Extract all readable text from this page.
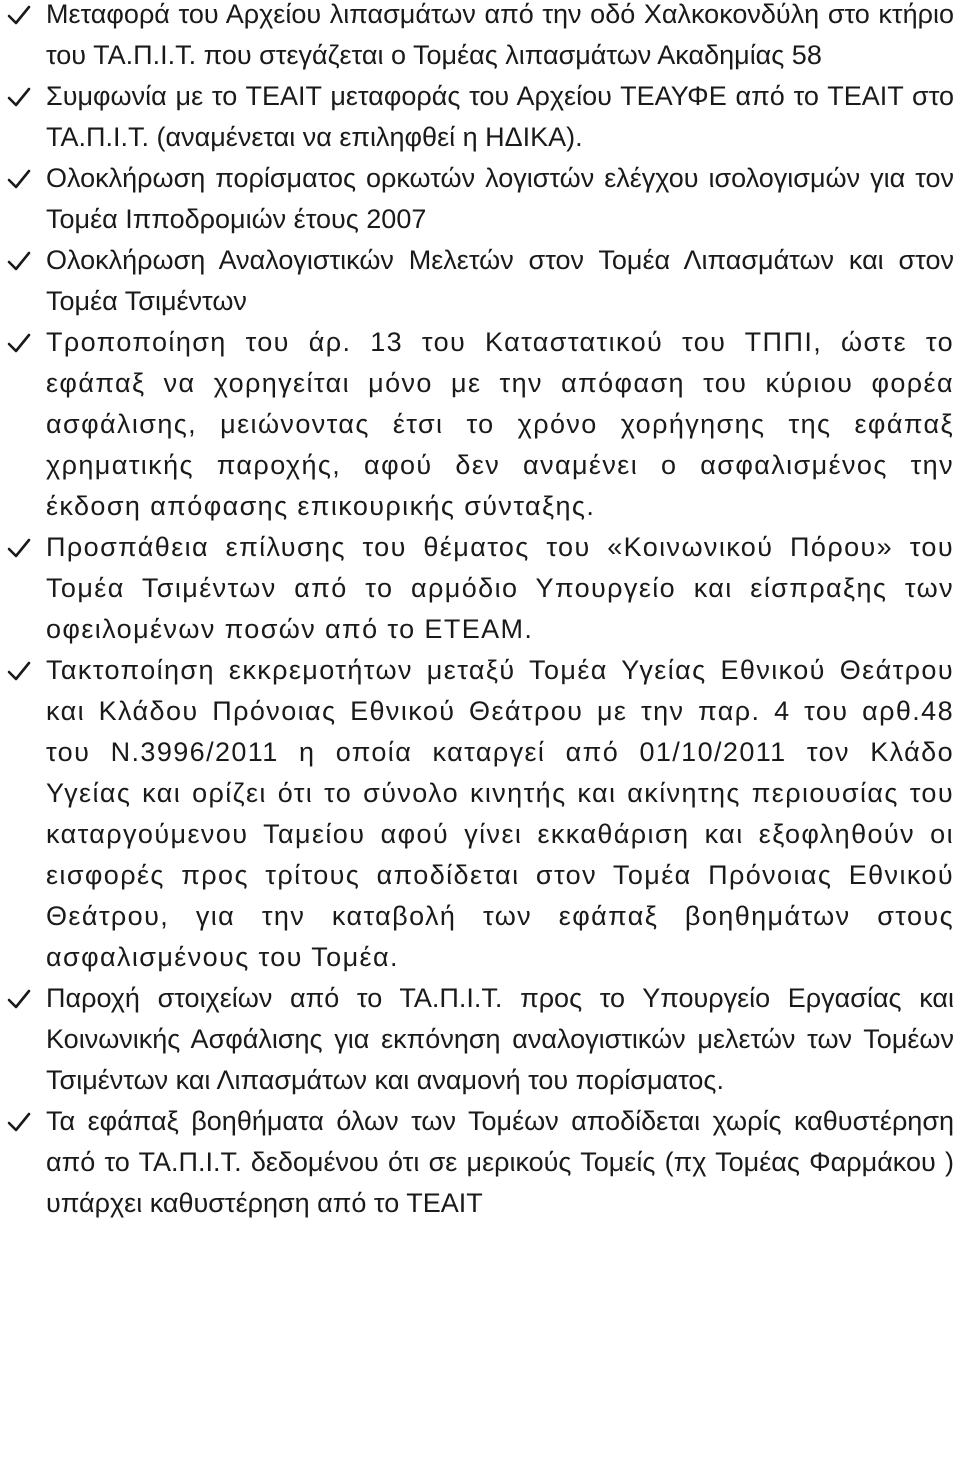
Μεταφορά του Αρχείου λιπασμάτων από την οδό Χαλκοκονδύλη στο κτήριο του ΤΑ.Π.Ι.Τ. που στεγάζεται ο Τομέας λιπασμάτων Ακαδημίας 58
Συμφωνία με το ΤΕΑΙΤ μεταφοράς του Αρχείου ΤΕΑΥΦΕ από το ΤΕΑΙΤ στο ΤΑ.Π.Ι.Τ. (αναμένεται να επιληφθεί η ΗΔΙΚΑ).
Ολοκλήρωση πορίσματος ορκωτών λογιστών ελέγχου ισολογισμών για τον Τομέα Ιπποδρομιών έτους 2007
Ολοκλήρωση Αναλογιστικών Μελετών στον Τομέα Λιπασμάτων και στον Τομέα Τσιμέντων
Τροποποίηση του άρ. 13 του Καταστατικού του ΤΠΠΙ, ώστε το εφάπαξ να χορηγείται μόνο με την απόφαση του κύριου φορέα ασφάλισης, μειώνοντας έτσι το χρόνο χορήγησης της εφάπαξ χρηματικής παροχής, αφού δεν αναμένει ο ασφαλισμένος την έκδοση απόφασης επικουρικής σύνταξης.
Προσπάθεια επίλυσης του θέματος του «Κοινωνικού Πόρου» του Τομέα Τσιμέντων από το αρμόδιο Υπουργείο και είσπραξης των οφειλομένων ποσών από το ΕΤΕΑΜ.
Τακτοποίηση εκκρεμοτήτων μεταξύ Τομέα Υγείας Εθνικού Θεάτρου και Κλάδου Πρόνοιας Εθνικού Θεάτρου με την παρ. 4 του αρθ.48 του Ν.3996/2011 η οποία καταργεί από 01/10/2011 τον Κλάδο Υγείας και ορίζει ότι το σύνολο κινητής και ακίνητης περιουσίας του καταργούμενου Ταμείου αφού γίνει εκκαθάριση και εξοφληθούν οι εισφορές προς τρίτους αποδίδεται στον Τομέα Πρόνοιας Εθνικού Θεάτρου, για την καταβολή των εφάπαξ βοηθημάτων στους ασφαλισμένους του Τομέα.
Παροχή στοιχείων από το ΤΑ.Π.Ι.Τ. προς το Υπουργείο Εργασίας και Κοινωνικής Ασφάλισης για εκπόνηση αναλογιστικών μελετών των Τομέων Τσιμέντων και Λιπασμάτων και αναμονή του πορίσματος.
Τα εφάπαξ βοηθήματα όλων των Τομέων αποδίδεται χωρίς καθυστέρηση από το ΤΑ.Π.Ι.Τ. δεδομένου ότι σε μερικούς Τομείς (πχ Τομέας Φαρμάκου ) υπάρχει καθυστέρηση από το ΤΕΑΙΤ
